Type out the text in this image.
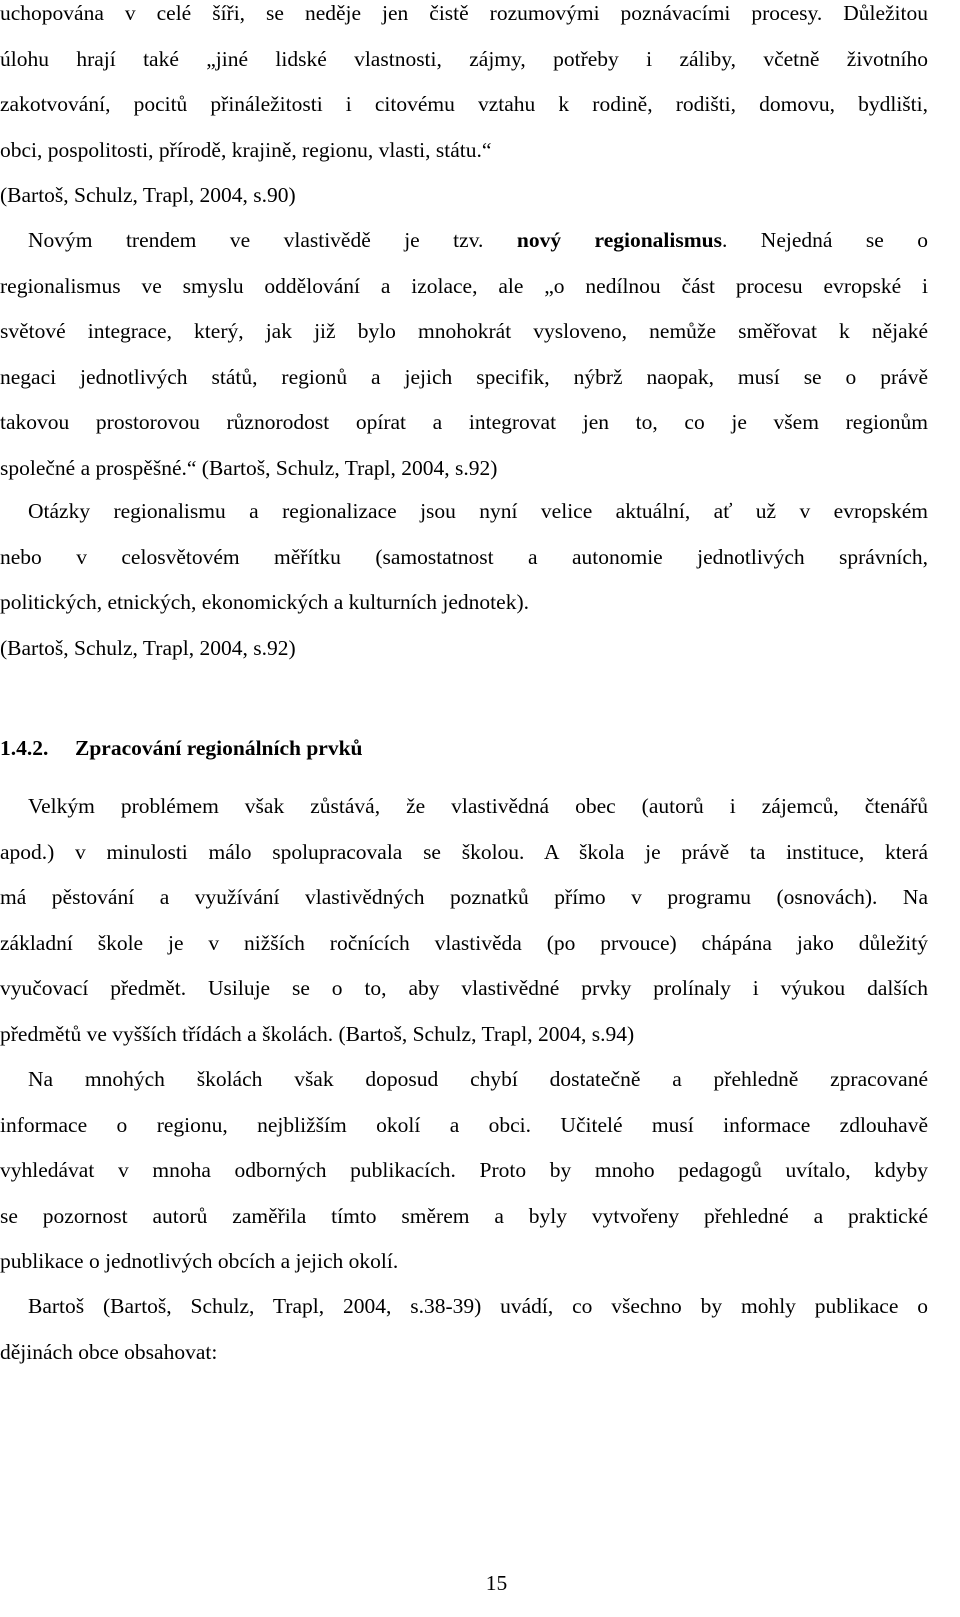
uchopována v celé šíři, se neděje jen čistě rozumovými poznávacími procesy. Důležitou
úlohu hrají také „jiné lidské vlastnosti, zájmy, potřeby i záliby, včetně životního
zakotvování, pocitů přináležitosti i citovému vztahu k rodině, rodišti, domovu, bydlišti,
obci, pospolitosti, přírodě, krajině, regionu, vlasti, státu.“
(Bartoš, Schulz, Trapl, 2004, s.90)
Novým trendem ve vlastivědě je tzv. nový regionalismus. Nejedná se o
regionalismus ve smyslu oddělování a izolace, ale „o nedílnou část procesu evropské i
světové integrace, který, jak již bylo mnohokrát vysloveno, nemůže směřovat k nějaké
negaci jednotlivých států, regionů a jejich specifik, nýbrž naopak, musí se o právě
takovou prostorovou různorodost opírat a integrovat jen to, co je všem regionům
společné a prospěšné.“ (Bartoš, Schulz, Trapl, 2004, s.92)
Otázky regionalismu a regionalizace jsou nyní velice aktuální, ať už v evropském
nebo v celosvětovém měřítku (samostatnost a autonomie jednotlivých správních,
politických, etnických, ekonomických a kulturních jednotek).
(Bartoš, Schulz, Trapl, 2004, s.92)
1.4.2. Zpracování regionálních prvků
Velkým problémem však zůstává, že vlastivědná obec (autorů i zájemců, čtenářů
apod.) v minulosti málo spolupracovala se školou. A škola je právě ta instituce, která
má pěstování a využívání vlastivědných poznatků přímo v programu (osnovách). Na
základní škole je v nižších ročnících vlastivěda (po prvouce) chápána jako důležitý
vyučovací předmět. Usiluje se o to, aby vlastivědné prvky prolínaly i výukou dalších
předmětů ve vyšších třídách a školách. (Bartoš, Schulz, Trapl, 2004, s.94)
Na mnohých školách však doposud chybí dostatečně a přehledně zpracované
informace o regionu, nejbližším okolí a obci. Učitelé musí informace zdlouhavě
vyhledávat v mnoha odborných publikacích. Proto by mnoho pedagogů uvítalo, kdyby
se pozornost autorů zaměřila tímto směrem a byly vytvořeny přehledné a praktické
publikace o jednotlivých obcích a jejich okolí.
Bartoš (Bartoš, Schulz, Trapl, 2004, s.38-39) uvádí, co všechno by mohly publikace o
dějinách obce obsahovat:
15
